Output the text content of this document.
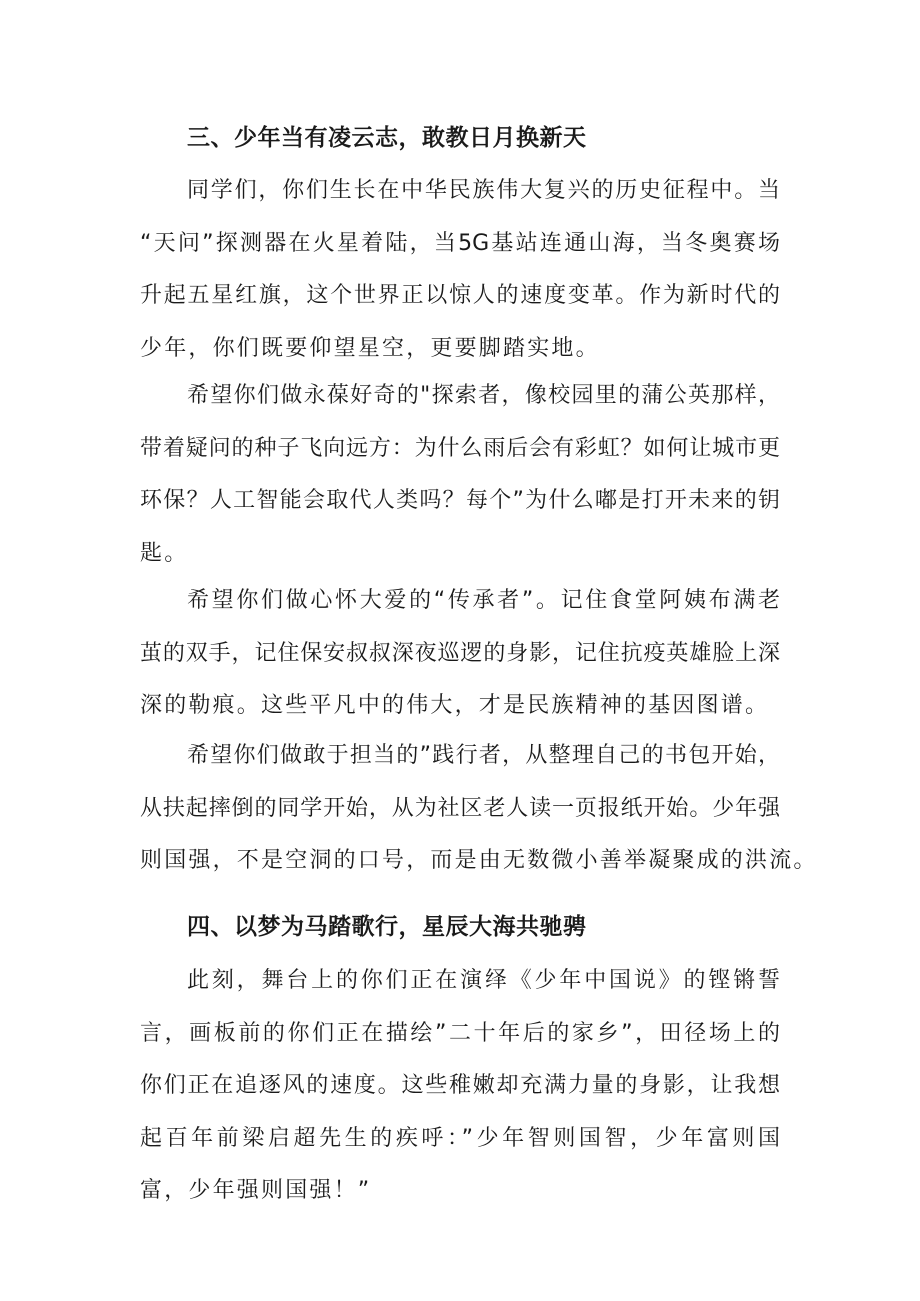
三、少年当有凌云志，敢教日月换新天
同学们，你们生长在中华民族伟大复兴的历史征程中。当
“天问”探测器在火星着陆，当5G基站连通山海，当冬奥赛场
升起五星红旗，这个世界正以惊人的速度变革。作为新时代的
少年，你们既要仰望星空，更要脚踏实地。
希望你们做永葆好奇的"探索者，像校园里的蒲公英那样，
带着疑问的种子飞向远方：为什么雨后会有彩虹？如何让城市更
环保？人工智能会取代人类吗？每个”为什么嘟是打开未来的钥
匙。
希望你们做心怀大爱的“传承者”。记住食堂阿姨布满老
茧的双手，记住保安叔叔深夜巡逻的身影，记住抗疫英雄脸上深
深的勒痕。这些平凡中的伟大，才是民族精神的基因图谱。
希望你们做敢于担当的”践行者，从整理自己的书包开始，
从扶起摔倒的同学开始，从为社区老人读一页报纸开始。少年强
则国强，不是空洞的口号，而是由无数微小善举凝聚成的洪流。
四、以梦为马踏歌行，星辰大海共驰骋
此刻，舞台上的你们正在演绎《少年中国说》的铿锵誓
言，画板前的你们正在描绘”二十年后的家乡”，田径场上的
你们正在追逐风的速度。这些稚嫩却充满力量的身影，让我想
起百年前梁启超先生的疾呼：”少年智则国智，少年富则国
富，少年强则国强！”
